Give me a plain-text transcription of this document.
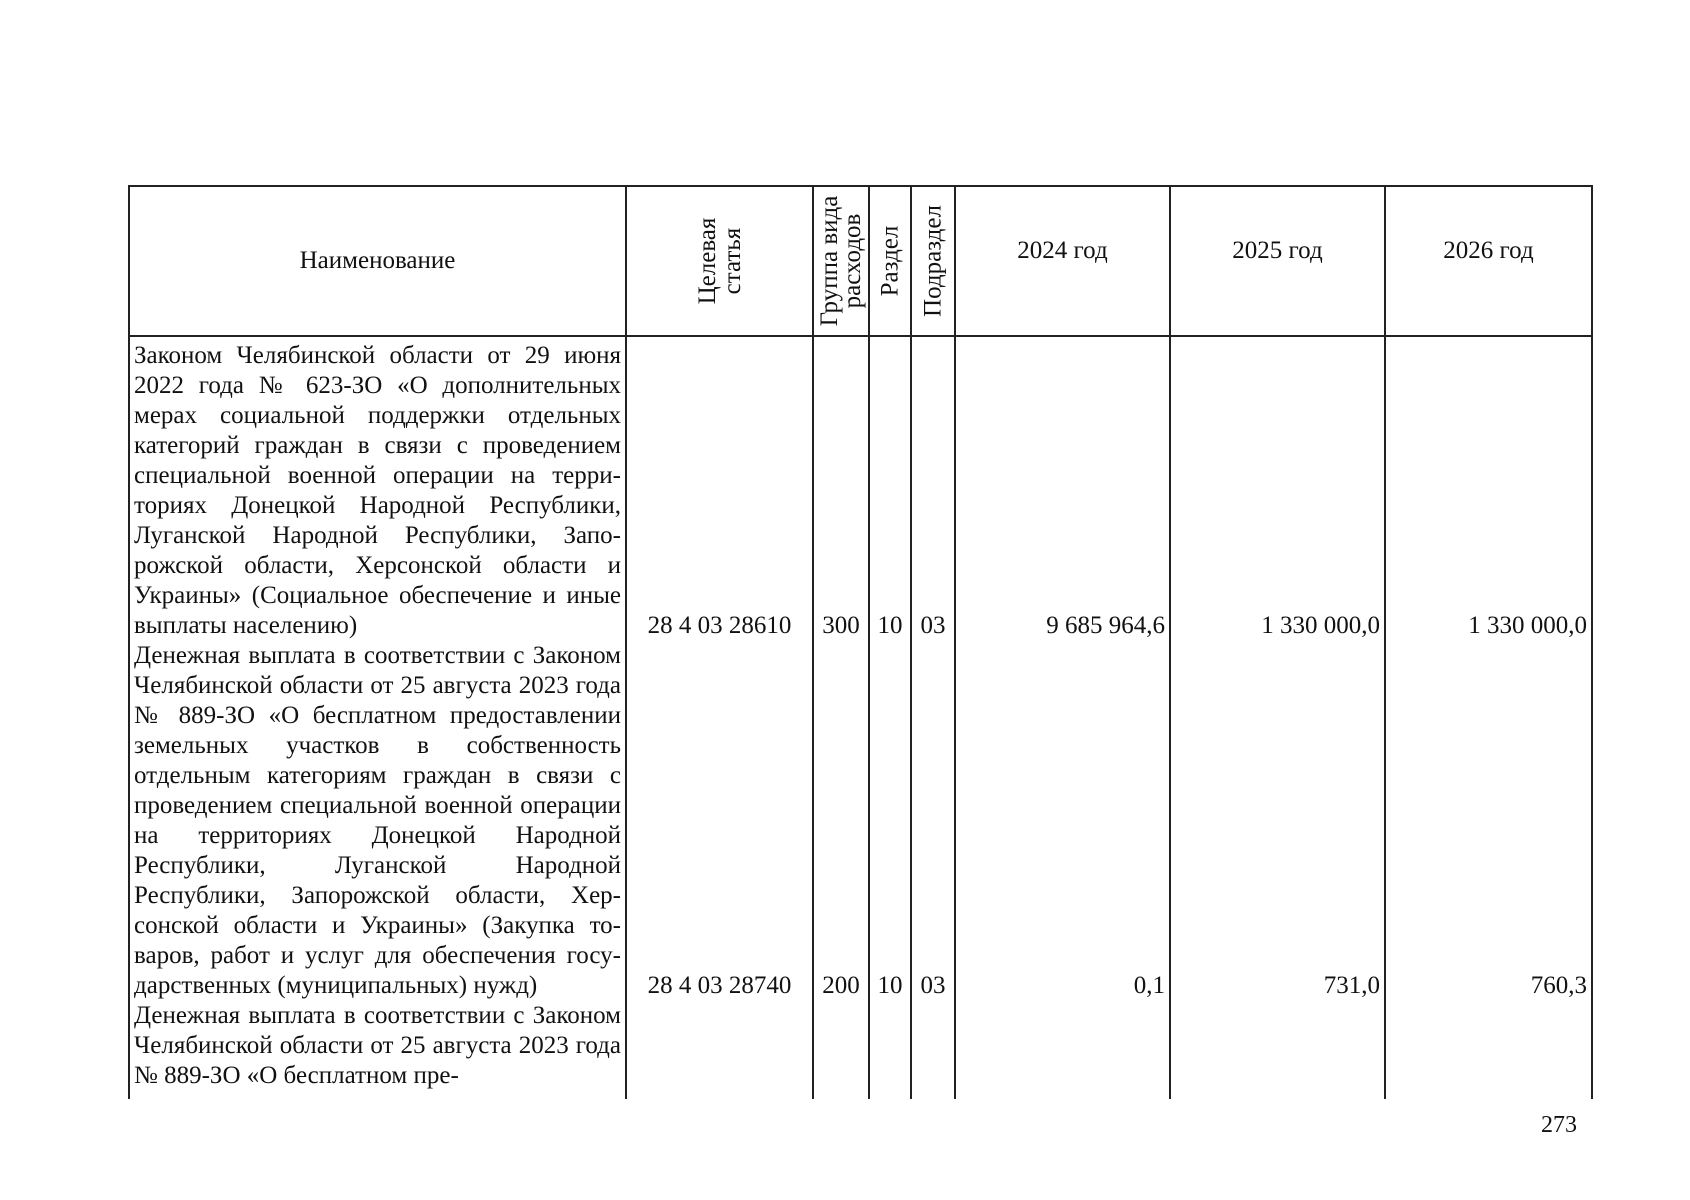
Наименование	Целевая статья	Группа вида расходов	Раздел	Подраздел	2024 год	2025 год	2026 год

Законом Челябинской области от 29 июня 2022 года № 623-ЗО «О дополнительных мерах социальной поддержки отдельных категорий граждан в связи с проведением специальной военной операции на территориях Донецкой Народной Республики, Луганской Народной Республики, Запорожской области, Херсонской области и Украины» (Социальное обеспечение и иные выплаты населению)	28 4 03 28610	300	10	03	9 685 964,6	1 330 000,0	1 330 000,0
Денежная выплата в соответствии с Законом Челябинской области от 25 августа 2023 года № 889-ЗО «О бесплатном предоставлении земельных участков в собственность отдельным категориям граждан в связи с проведением специальной военной операции на территориях Донецкой Народной Республики, Луганской Народной Республики, Запорожской области, Херсонской области и Украины» (Закупка товаров, работ и услуг для обеспечения государственных (муниципальных) нужд)	28 4 03 28740	200	10	03	0,1	731,0	760,3
Денежная выплата в соответствии с Законом Челябинской области от 25 августа 2023 года № 889-ЗО «О бесплатном пре-							
273
